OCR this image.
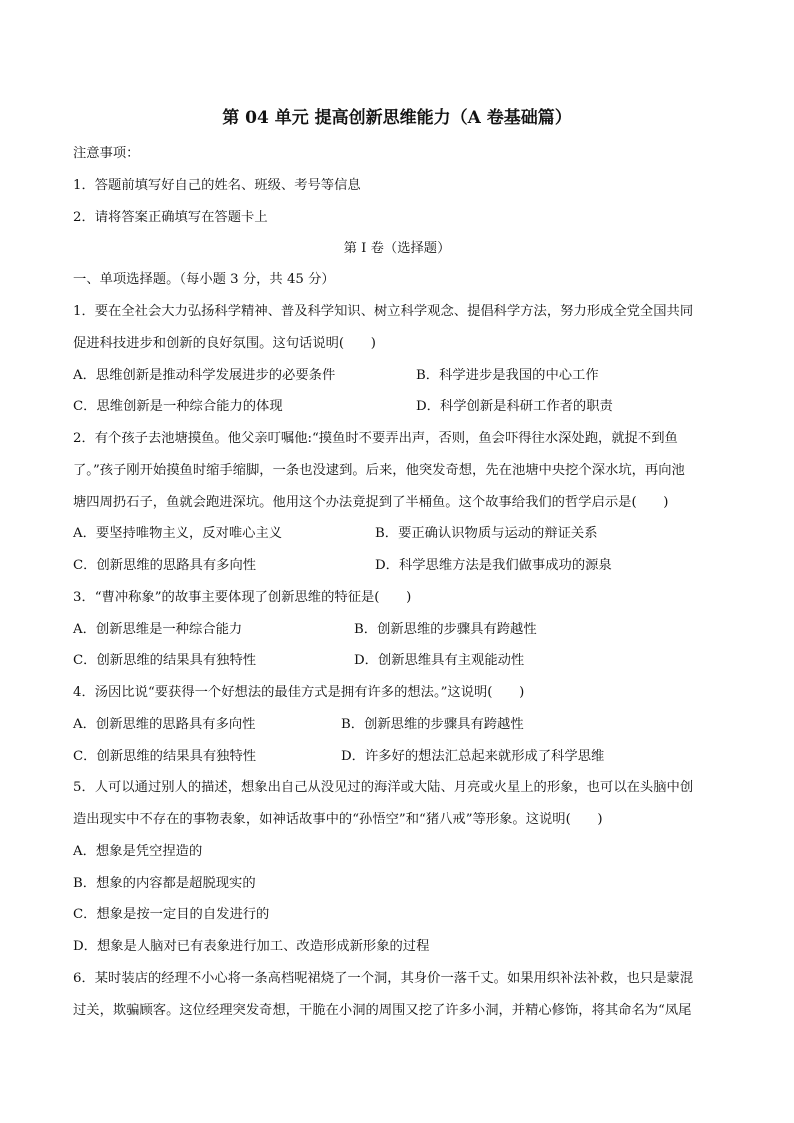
第 04 单元 提高创新思维能力（A 卷基础篇）
注意事项：
1．答题前填写好自己的姓名、班级、考号等信息
2．请将答案正确填写在答题卡上
第 I 卷（选择题）
一、单项选择题。（每小题 3 分，共 45 分）
1．要在全社会大力弘扬科学精神、普及科学知识、树立科学观念、提倡科学方法，努力形成全党全国共同
促进科技进步和创新的良好氛围。这句话说明(　　)
A．思维创新是推动科学发展进步的必要条件	B．科学进步是我国的中心工作
C．思维创新是一种综合能力的体现	D．科学创新是科研工作者的职责
2．有个孩子去池塘摸鱼。他父亲叮嘱他:“摸鱼时不要弄出声，否则，鱼会吓得往水深处跑，就捉不到鱼
了。”孩子刚开始摸鱼时缩手缩脚，一条也没逮到。后来，他突发奇想，先在池塘中央挖个深水坑，再向池
塘四周扔石子，鱼就会跑进深坑。他用这个办法竟捉到了半桶鱼。这个故事给我们的哲学启示是(　　)
A．要坚持唯物主义，反对唯心主义	B．要正确认识物质与运动的辩证关系
C．创新思维的思路具有多向性	D．科学思维方法是我们做事成功的源泉
3．“曹冲称象”的故事主要体现了创新思维的特征是(　　)
A．创新思维是一种综合能力	B．创新思维的步骤具有跨越性
C．创新思维的结果具有独特性	D．创新思维具有主观能动性
4．汤因比说“要获得一个好想法的最佳方式是拥有许多的想法。”这说明(　　)
A．创新思维的思路具有多向性	B．创新思维的步骤具有跨越性
C．创新思维的结果具有独特性	D．许多好的想法汇总起来就形成了科学思维
5．人可以通过别人的描述，想象出自己从没见过的海洋或大陆、月亮或火星上的形象，也可以在头脑中创
造出现实中不存在的事物表象，如神话故事中的“孙悟空”和“猪八戒”等形象。这说明(　　)
A．想象是凭空捏造的
B．想象的内容都是超脱现实的
C．想象是按一定目的自发进行的
D．想象是人脑对已有表象进行加工、改造形成新形象的过程
6．某时装店的经理不小心将一条高档呢裙烧了一个洞，其身价一落千丈。如果用织补法补救，也只是蒙混
过关，欺骗顾客。这位经理突发奇想，干脆在小洞的周围又挖了许多小洞，并精心修饰，将其命名为“凤尾
